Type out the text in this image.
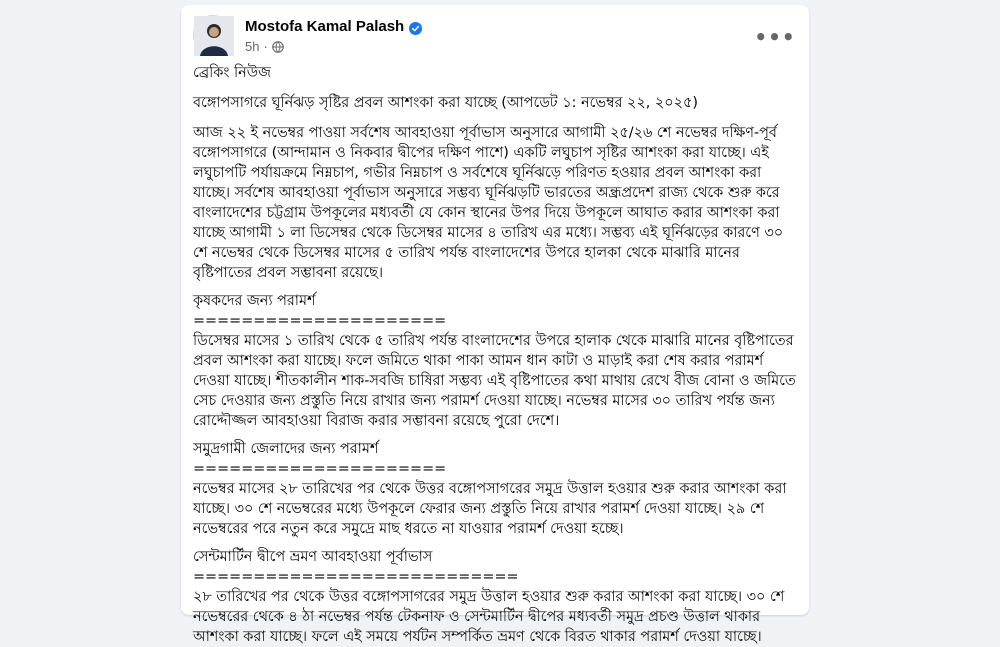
Mostofa Kamal Palash
5h ·	•••

ব্রেকিং নিউজ

বঙ্গোপসাগরে ঘূর্নিঝড় সৃষ্টির প্রবল আশংকা করা যাচ্ছে (আপডেট ১: নভেম্বর ২২, ২০২৫)

আজ ২২ ই নভেম্বর পাওয়া সর্বশেষ আবহাওয়া পূর্বাভাস অনুসারে আগামী ২৫/২৬ শে নভেম্বর দক্ষিণ-পূর্ব বঙ্গোপসাগরে (আন্দামান ও নিকবার দ্বীপের দক্ষিণ পাশে) একটি লঘুচাপ সৃষ্টির আশংকা করা যাচ্ছে। এই লঘুচাপটি পর্যায়ক্রমে নিম্নচাপ, গভীর নিম্নচাপ ও সর্বশেষে ঘূর্নিঝড়ে পরিণত হওয়ার প্রবল আশংকা করা যাচ্ছে। সর্বশেষ আবহাওয়া পূর্বাভাস অনুসারে সম্ভব্য ঘূর্নিঝড়টি ভারতের অন্ধ্রপ্রদেশ রাজ্য থেকে শুরু করে বাংলাদেশের চট্টগ্রাম উপকূলের মধ্যবর্তী যে কোন স্থানের উপর দিয়ে উপকূলে আঘাত করার আশংকা করা যাচ্ছে আগামী ১ লা ডিসেম্বর থেকে ডিসেম্বর মাসের ৪ তারিখ এর মধ্যে। সম্ভব্য এই ঘূর্নিঝড়ের কারণে ৩০ শে নভেম্বর থেকে ডিসেম্বর মাসের ৫ তারিখ পর্যন্ত বাংলাদেশের উপরে হালকা থেকে মাঝারি মানের বৃষ্টিপাতের প্রবল সম্ভাবনা রয়েছে।

কৃষকদের জন্য পরামর্শ

=====================

ডিসেম্বর মাসের ১ তারিখ থেকে ৫ তারিখ পর্যন্ত বাংলাদেশের উপরে হালাক থেকে মাঝারি মানের বৃষ্টিপাতের প্রবল আশংকা করা যাচ্ছে। ফলে জমিতে থাকা পাকা আমন ধান কাটা ও মাড়াই করা শেষ করার পরামর্শ দেওয়া যাচ্ছে। শীতকালীন শাক-সবজি চাষিরা সম্ভব্য এই বৃষ্টিপাতের কথা মাথায় রেখে বীজ বোনা ও জমিতে সেচ দেওয়ার জন্য প্রস্তুতি নিয়ে রাখার জন্য পরামর্শ দেওয়া যাচ্ছে। নভেম্বর মাসের ৩০ তারিখ পর্যন্ত জন্য রোদ্দৌজ্জল আবহাওয়া বিরাজ করার সম্ভাবনা রয়েছে পুরো দেশে।

সমুদ্রগামী জেলাদের জন্য পরামর্শ

=====================

নভেম্বর মাসের ২৮ তারিখের পর থেকে উত্তর বঙ্গোপসাগরের সমুদ্র উত্তাল হওয়ার শুরু করার আশংকা করা যাচ্ছে। ৩০ শে নভেম্বরের মধ্যে উপকূলে ফেরার জন্য প্রস্তুতি নিয়ে রাখার পরামর্শ দেওয়া যাচ্ছে। ২৯ শে নভেম্বরের পরে নতুন করে সমুদ্রে মাছ ধরতে না যাওয়ার পরামর্শ দেওয়া হচ্ছে।

সেন্টমার্টিন দ্বীপে ভ্রমণ আবহাওয়া পূর্বাভাস

===========================

২৮ তারিখের পর থেকে উত্তর বঙ্গোপসাগরের সমুদ্র উত্তাল হওয়ার শুরু করার আশংকা করা যাচ্ছে। ৩০ শে নভেম্বরের থেকে ৪ ঠা নভেম্বর পর্যন্ত টেকনাফ ও সেন্টমার্টিন দ্বীপের মধ্যবর্তী সমুদ্র প্রচণ্ড উত্তাল থাকার আশংকা করা যাচ্ছে। ফলে এই সময়ে পর্যটন সম্পর্কিত ভ্রমণ থেকে বিরত থাকার পরামর্শ দেওয়া যাচ্ছে।
